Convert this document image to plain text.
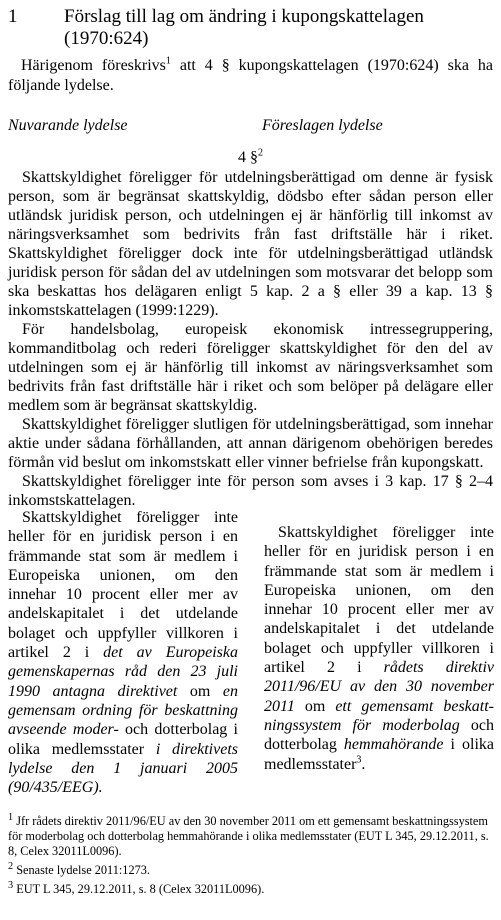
1 Förslag till lag om ändring i kupongskattelagen (1970:624)
Härigenom föreskrivs$^1$ att 4 § kupongskattelagen (1970:624) ska ha följande lydelse.
Nuvarande lydelse	Föreslagen lydelse
4 §$^2$

Skattskyldighet föreligger för utdelningsberättigad om denne är fysisk person, som är begränsat skattskyldig, dödsbo efter sådan person eller utländsk juridisk person, och utdelningen ej är hänförlig till inkomst av näringsverksamhet som bedrivits från fast driftställe här i riket. Skattskyldighet föreligger dock inte för utdelningsberättigad utländsk juridisk person för sådan del av utdelningen som motsvarar det belopp som ska beskattas hos delägaren enligt 5 kap. 2 a § eller 39 a kap. 13 § inkomstskattelagen (1999:1229).

För handelsbolag, europeisk ekonomisk intressegruppering, kommanditbolag och rederi föreligger skattskyldighet för den del av utdelningen som ej är hänförlig till inkomst av näringsverksamhet som bedrivits från fast driftställe här i riket och som belöper på delägare eller medlem som är begränsat skattskyldig.

Skattskyldighet föreligger slutligen för utdelningsberättigad, som innehar aktie under sådana förhållanden, att annan därigenom obehörigen beredes förmån vid beslut om inkomstskatt eller vinner befrielse från kupongskatt.

Skattskyldighet föreligger inte för person som avses i 3 kap. 17 § 2–4 inkomstskattelagen.

Skattskyldighet föreligger inte heller för en juridisk person i en främmande stat som är medlem i Europeiska unionen, om den innehar 10 procent eller mer av andelskapitalet i det utdelande bolaget och uppfyller villkoren i artikel 2 i det av Europeiska gemenskapernas råd den 23 juli 1990 antagna direktivet om en gemensam ordning för beskattning avseende moder- och dotterbolag i olika medlemsstater i direktivets lydelse den 1 januari 2005 (90/435/EEG).
Skattskyldighet föreligger inte heller för en juridisk person i en främmande stat som är medlem i Europeiska unionen, om den innehar 10 procent eller mer av andelskapitalet i det utdelande bolaget och uppfyller villkoren i artikel 2 i rådets direktiv 2011/96/EU av den 30 november 2011 om ett gemensamt beskatt-ningssystem för moderbolag och dotterbolag hemmahörande i olika medlemsstater$^3$.

$^1$ Jfr rådets direktiv 2011/96/EU av den 30 november 2011 om ett gemensamt beskattningssystem för moderbolag och dotterbolag hemmahörande i olika medlemsstater (EUT L 345, 29.12.2011, s. 8, Celex 32011L0096).

$^2$ Senaste lydelse 2011:1273.

$^3$ EUT L 345, 29.12.2011, s. 8 (Celex 32011L0096).
